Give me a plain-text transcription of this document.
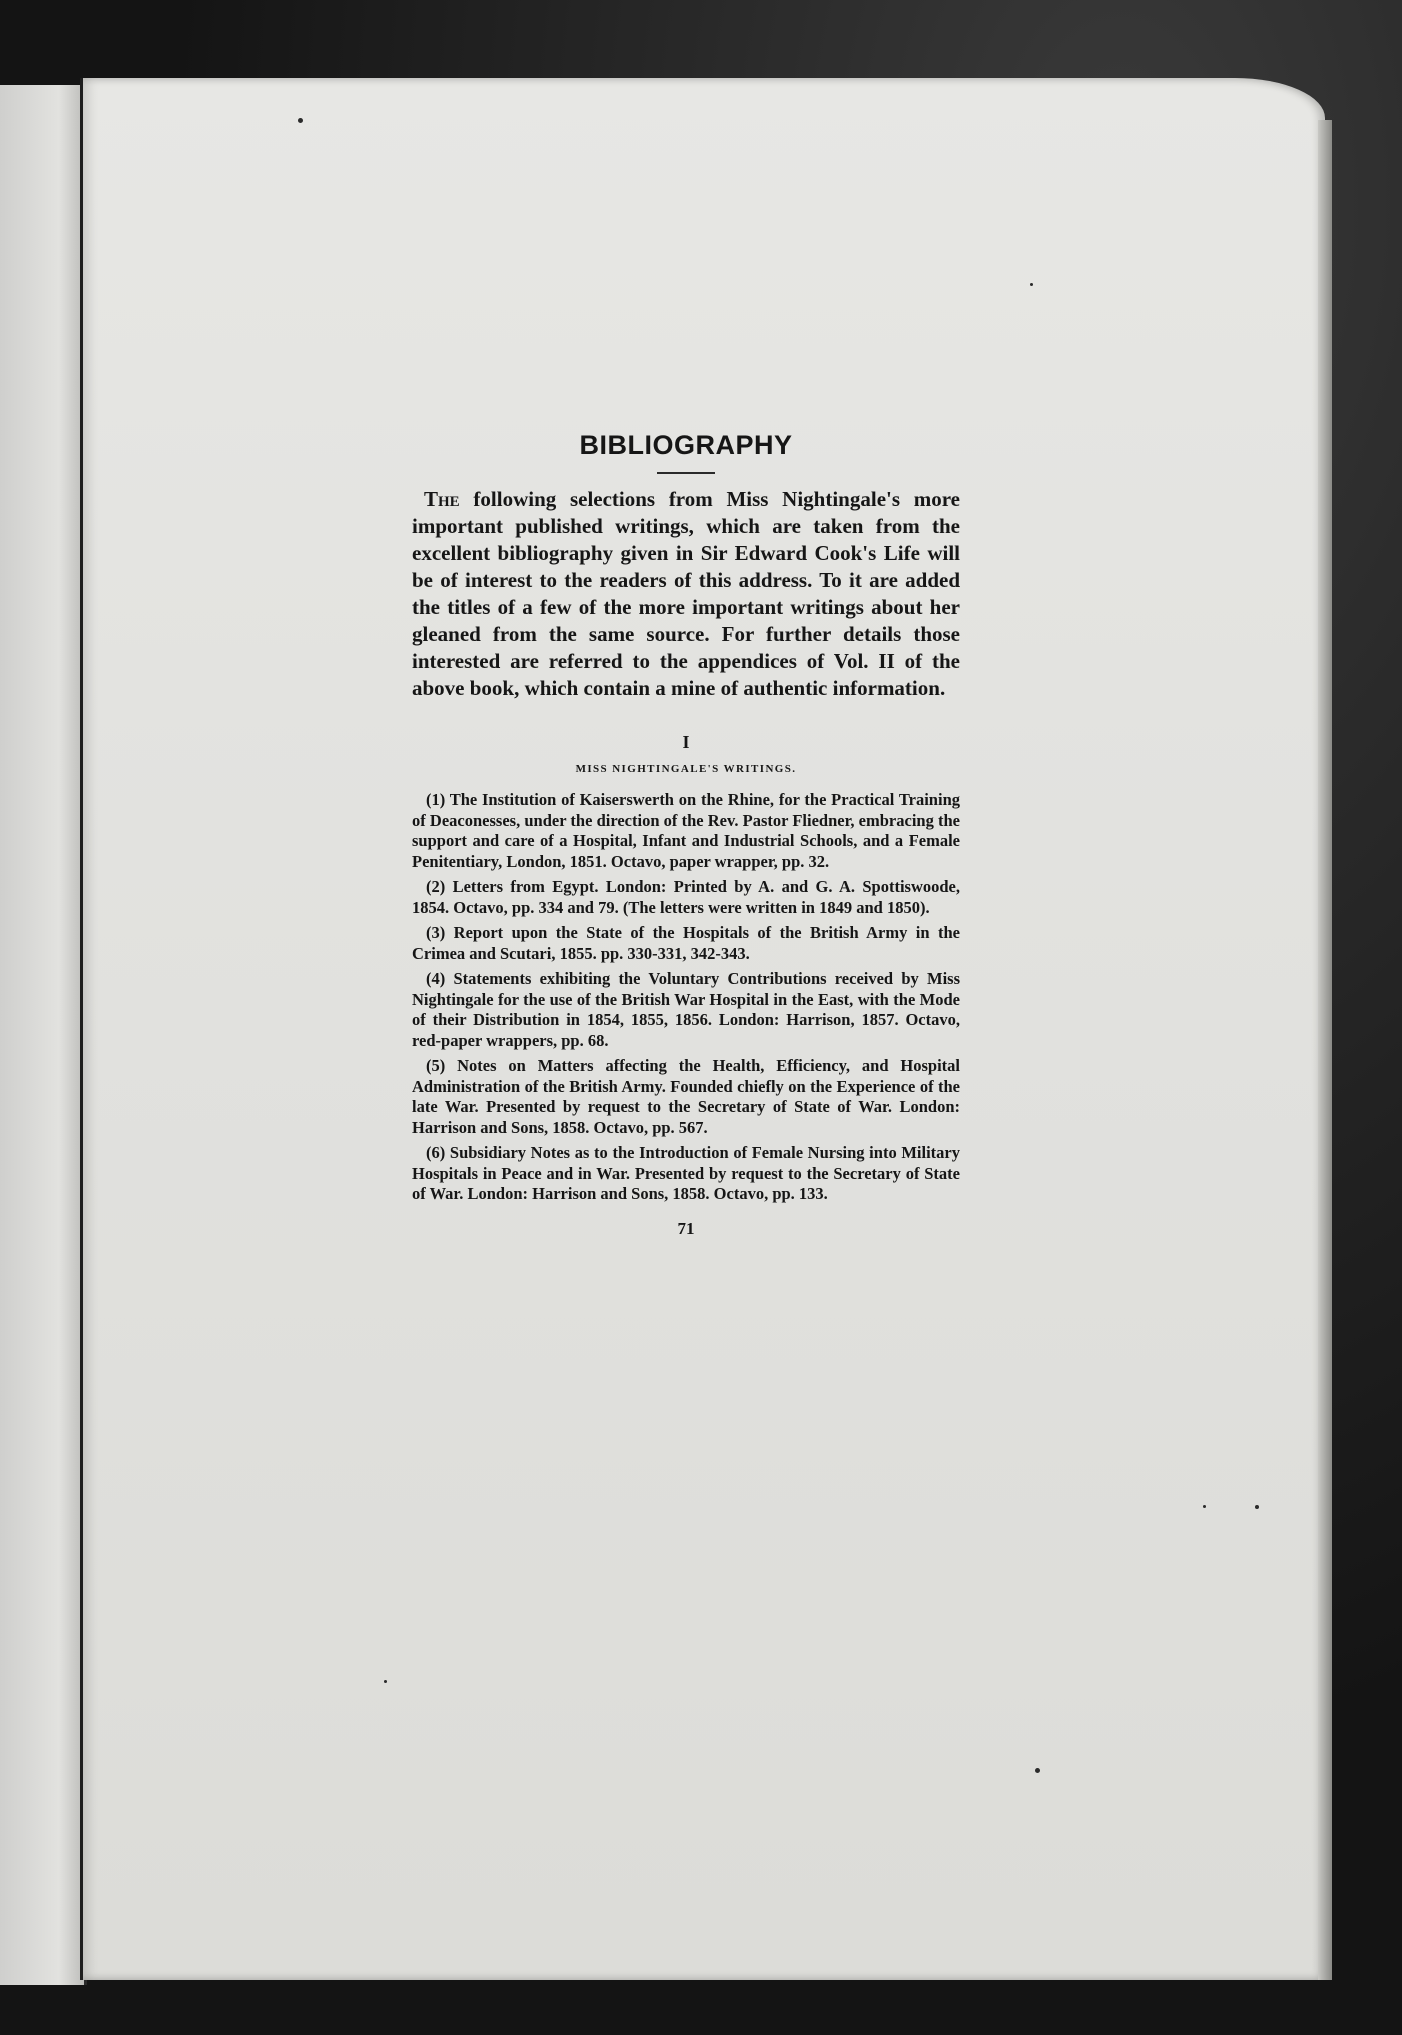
BIBLIOGRAPHY

The following selections from Miss Nightingale's more important published writings, which are taken from the excellent bibliography given in Sir Edward Cook's Life will be of interest to the readers of this address. To it are added the titles of a few of the more important writings about her gleaned from the same source. For further details those interested are referred to the appendices of Vol. II of the above book, which contain a mine of authentic information.

I
MISS NIGHTINGALE'S WRITINGS.
(1) The Institution of Kaiserswerth on the Rhine, for the Practical Training of Deaconesses, under the direction of the Rev. Pastor Fliedner, embracing the support and care of a Hospital, Infant and Industrial Schools, and a Female Penitentiary, London, 1851. Octavo, paper wrapper, pp. 32.
(2) Letters from Egypt. London: Printed by A. and G. A. Spottiswoode, 1854. Octavo, pp. 334 and 79. (The letters were written in 1849 and 1850).
(3) Report upon the State of the Hospitals of the British Army in the Crimea and Scutari, 1855. pp. 330-331, 342-343.
(4) Statements exhibiting the Voluntary Contributions received by Miss Nightingale for the use of the British War Hospital in the East, with the Mode of their Distribution in 1854, 1855, 1856. London: Harrison, 1857. Octavo, red-paper wrappers, pp. 68.
(5) Notes on Matters affecting the Health, Efficiency, and Hospital Administration of the British Army. Founded chiefly on the Experience of the late War. Presented by request to the Secretary of State of War. London: Harrison and Sons, 1858. Octavo, pp. 567.
(6) Subsidiary Notes as to the Introduction of Female Nursing into Military Hospitals in Peace and in War. Presented by request to the Secretary of State of War. London: Harrison and Sons, 1858. Octavo, pp. 133.
71
